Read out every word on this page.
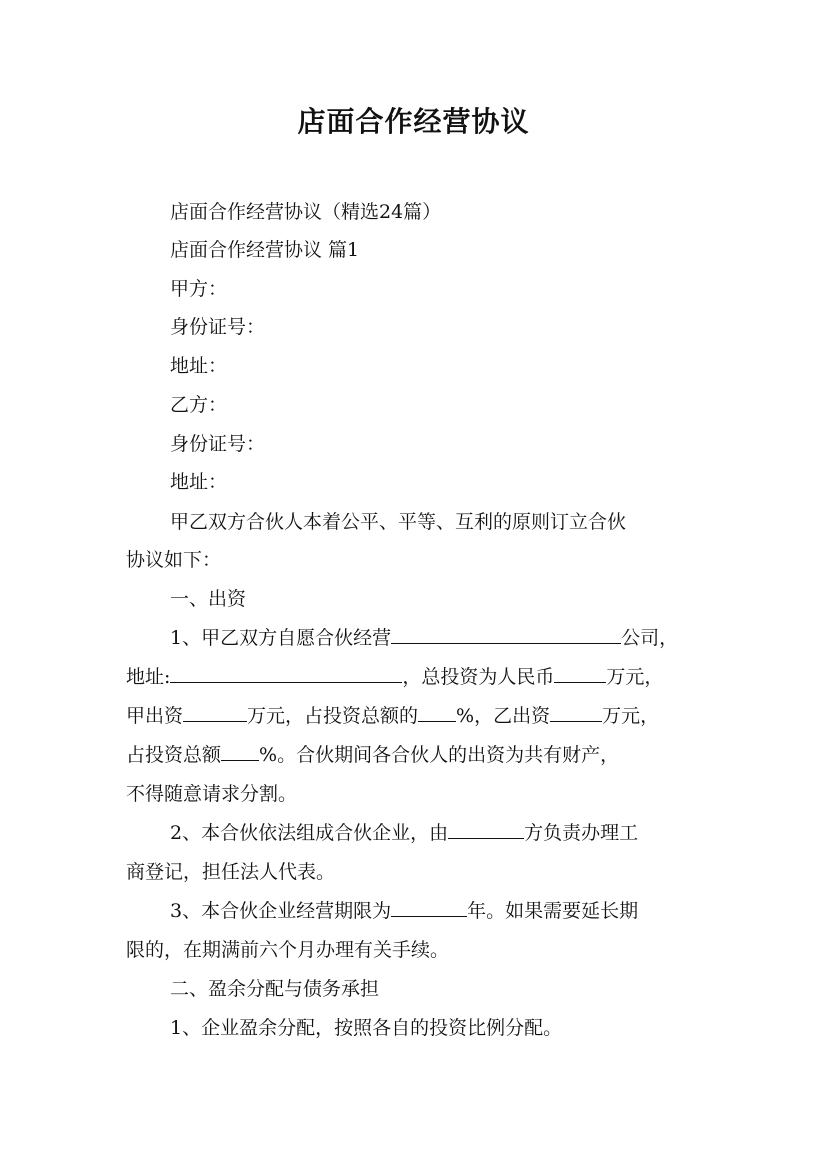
店面合作经营协议
店面合作经营协议（精选24篇）
店面合作经营协议 篇1
甲方：
身份证号：
地址：
乙方：
身份证号：
地址：
甲乙双方合伙人本着公平、平等、互利的原则订立合伙
协议如下：
一、出资
1、甲乙双方自愿合伙经营	公司，
地址:	，总投资为人民币	万元，
甲出资	万元，占投资总额的 %，乙出资	万元，
占投资总额 %。合伙期间各合伙人的出资为共有财产，
不得随意请求分割。
2、本合伙依法组成合伙企业，由	方负责办理工
商登记，担任法人代表。
3、本合伙企业经营期限为	年。如果需要延长期
限的，在期满前六个月办理有关手续。
二、盈余分配与债务承担
1、企业盈余分配，按照各自的投资比例分配。
